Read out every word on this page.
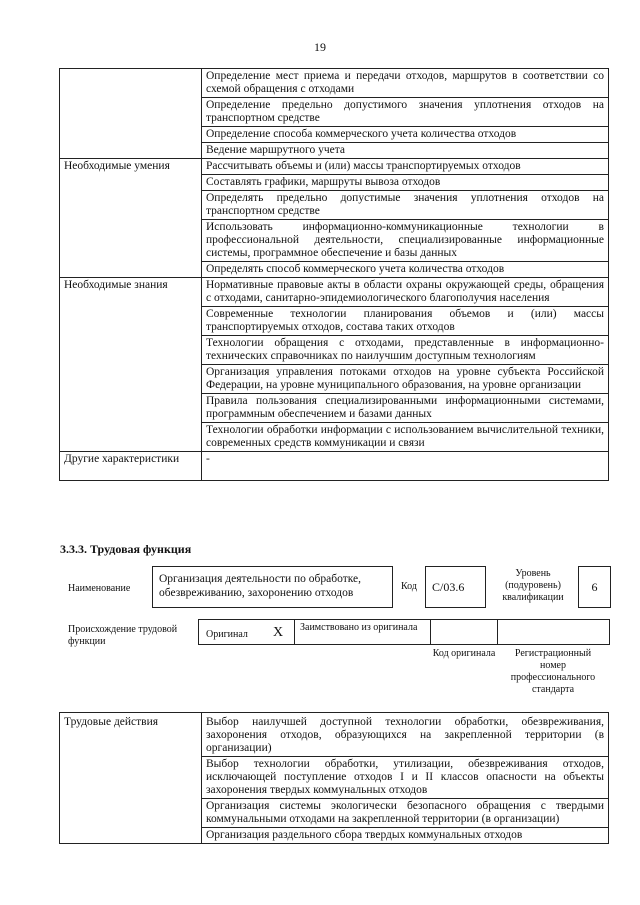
19
	Определение мест приема и передачи отходов, маршрутов в соответствии со схемой обращения с отходами
	Определение предельно допустимого значения уплотнения отходов на транспортном средстве
	Определение способа коммерческого учета количества отходов
	Ведение маршрутного учета
Необходимые умения	Рассчитывать объемы и (или) массы транспортируемых отходов
	Составлять графики, маршруты вывоза отходов
	Определять предельно допустимые значения уплотнения отходов на транспортном средстве
	Использовать информационно-коммуникационные технологии в профессиональной деятельности, специализированные информационные системы, программное обеспечение и базы данных
	Определять способ коммерческого учета количества отходов
Необходимые знания	Нормативные правовые акты в области охраны окружающей среды, обращения с отходами, санитарно-эпидемиологического благополучия населения
	Современные технологии планирования объемов и (или) массы транспортируемых отходов, состава таких отходов
	Технологии обращения с отходами, представленные в информационно-технических справочниках по наилучшим доступным технологиям
	Организация управления потоками отходов на уровне субъекта Российской Федерации, на уровне муниципального образования, на уровне организации
	Правила пользования специализированными информационными системами, программным обеспечением и базами данных
	Технологии обработки информации с использованием вычислительной техники, современных средств коммуникации и связи
Другие характеристики	-
3.3.3. Трудовая функция
Наименование
Организация деятельности по обработке, обезвреживанию, захоронению отходов
Код	C/03.6
Уровень (подуровень) квалификации
6
Происхождение трудовой функции
Оригинал	X	Заимствовано из оригинала
Код оригинала	Регистрационный номер профессионального стандарта
Трудовые действия	Выбор наилучшей доступной технологии обработки, обезвреживания, захоронения отходов, образующихся на закрепленной территории (в организации)
Выбор технологии обработки, утилизации, обезвреживания отходов, исключающей поступление отходов I и II классов опасности на объекты захоронения твердых коммунальных отходов
Организация системы экологически безопасного обращения с твердыми коммунальными отходами на закрепленной территории (в организации)
Организация раздельного сбора твердых коммунальных отходов
